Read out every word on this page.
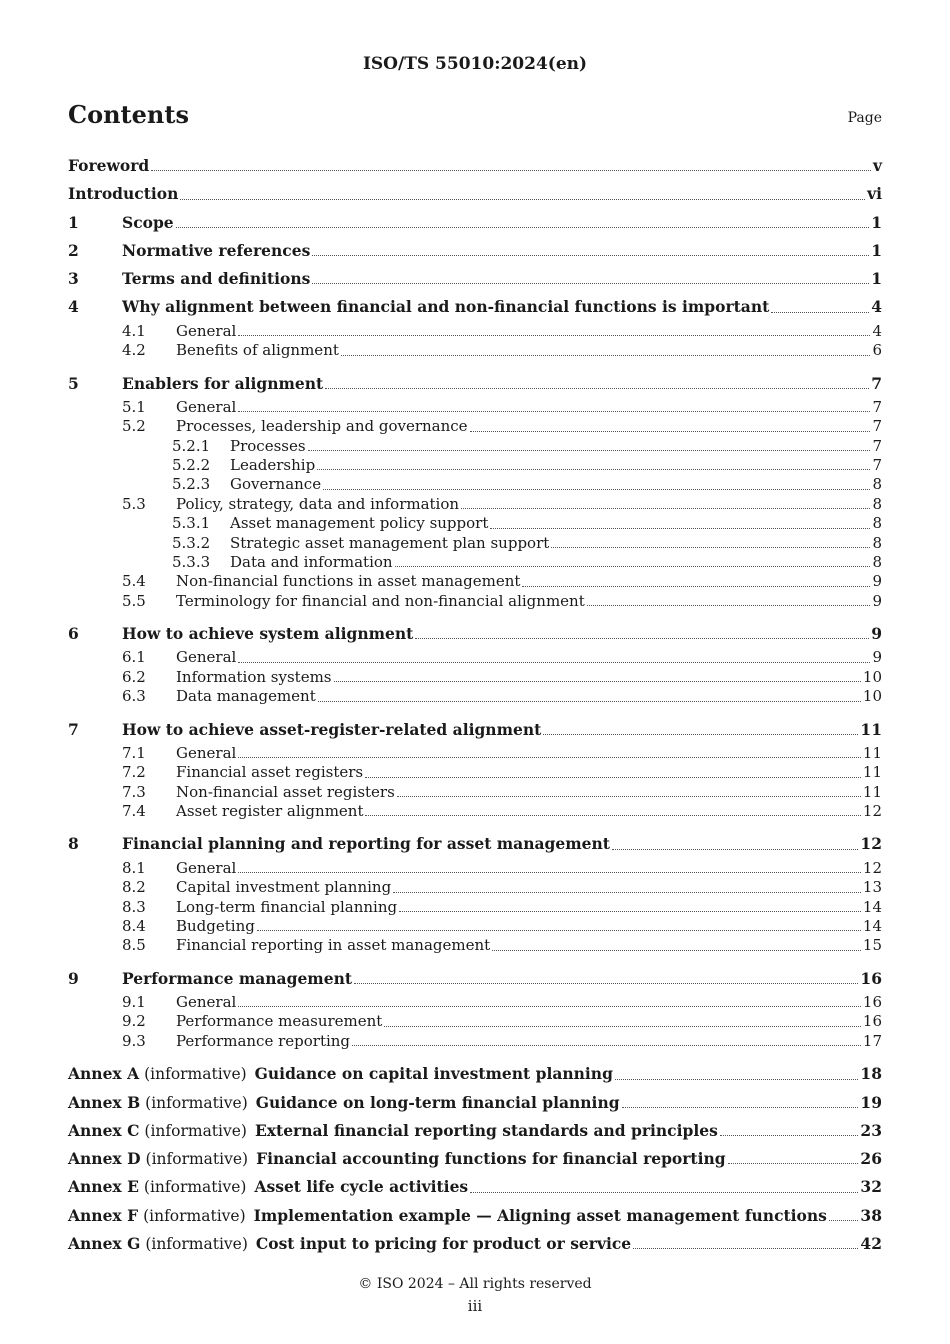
ISO/TS 55010:2024(en)
Contents	Page
Foreword	v
Introduction	vi
1	Scope	1
2	Normative references	1
3	Terms and definitions	1
4	Why alignment between financial and non-financial functions is important	4
4.1	General	4
4.2	Benefits of alignment	6
5	Enablers for alignment	7
5.1	General	7
5.2	Processes, leadership and governance	7
5.2.1	Processes	7
5.2.2	Leadership	7
5.2.3	Governance	8
5.3	Policy, strategy, data and information	8
5.3.1	Asset management policy support	8
5.3.2	Strategic asset management plan support	8
5.3.3	Data and information	8
5.4	Non-financial functions in asset management	9
5.5	Terminology for financial and non-financial alignment	9
6	How to achieve system alignment	9
6.1	General	9
6.2	Information systems	10
6.3	Data management	10
7	How to achieve asset-register-related alignment	11
7.1	General	11
7.2	Financial asset registers	11
7.3	Non-financial asset registers	11
7.4	Asset register alignment	12
8	Financial planning and reporting for asset management	12
8.1	General	12
8.2	Capital investment planning	13
8.3	Long-term financial planning	14
8.4	Budgeting	14
8.5	Financial reporting in asset management	15
9	Performance management	16
9.1	General	16
9.2	Performance measurement	16
9.3	Performance reporting	17
Annex A (informative) Guidance on capital investment planning	18
Annex B (informative) Guidance on long-term financial planning	19
Annex C (informative) External financial reporting standards and principles	23
Annex D (informative) Financial accounting functions for financial reporting	26
Annex E (informative) Asset life cycle activities	32
Annex F (informative) Implementation example — Aligning asset management functions 38
Annex G (informative) Cost input to pricing for product or service	42
© ISO 2024 – All rights reserved
iii
